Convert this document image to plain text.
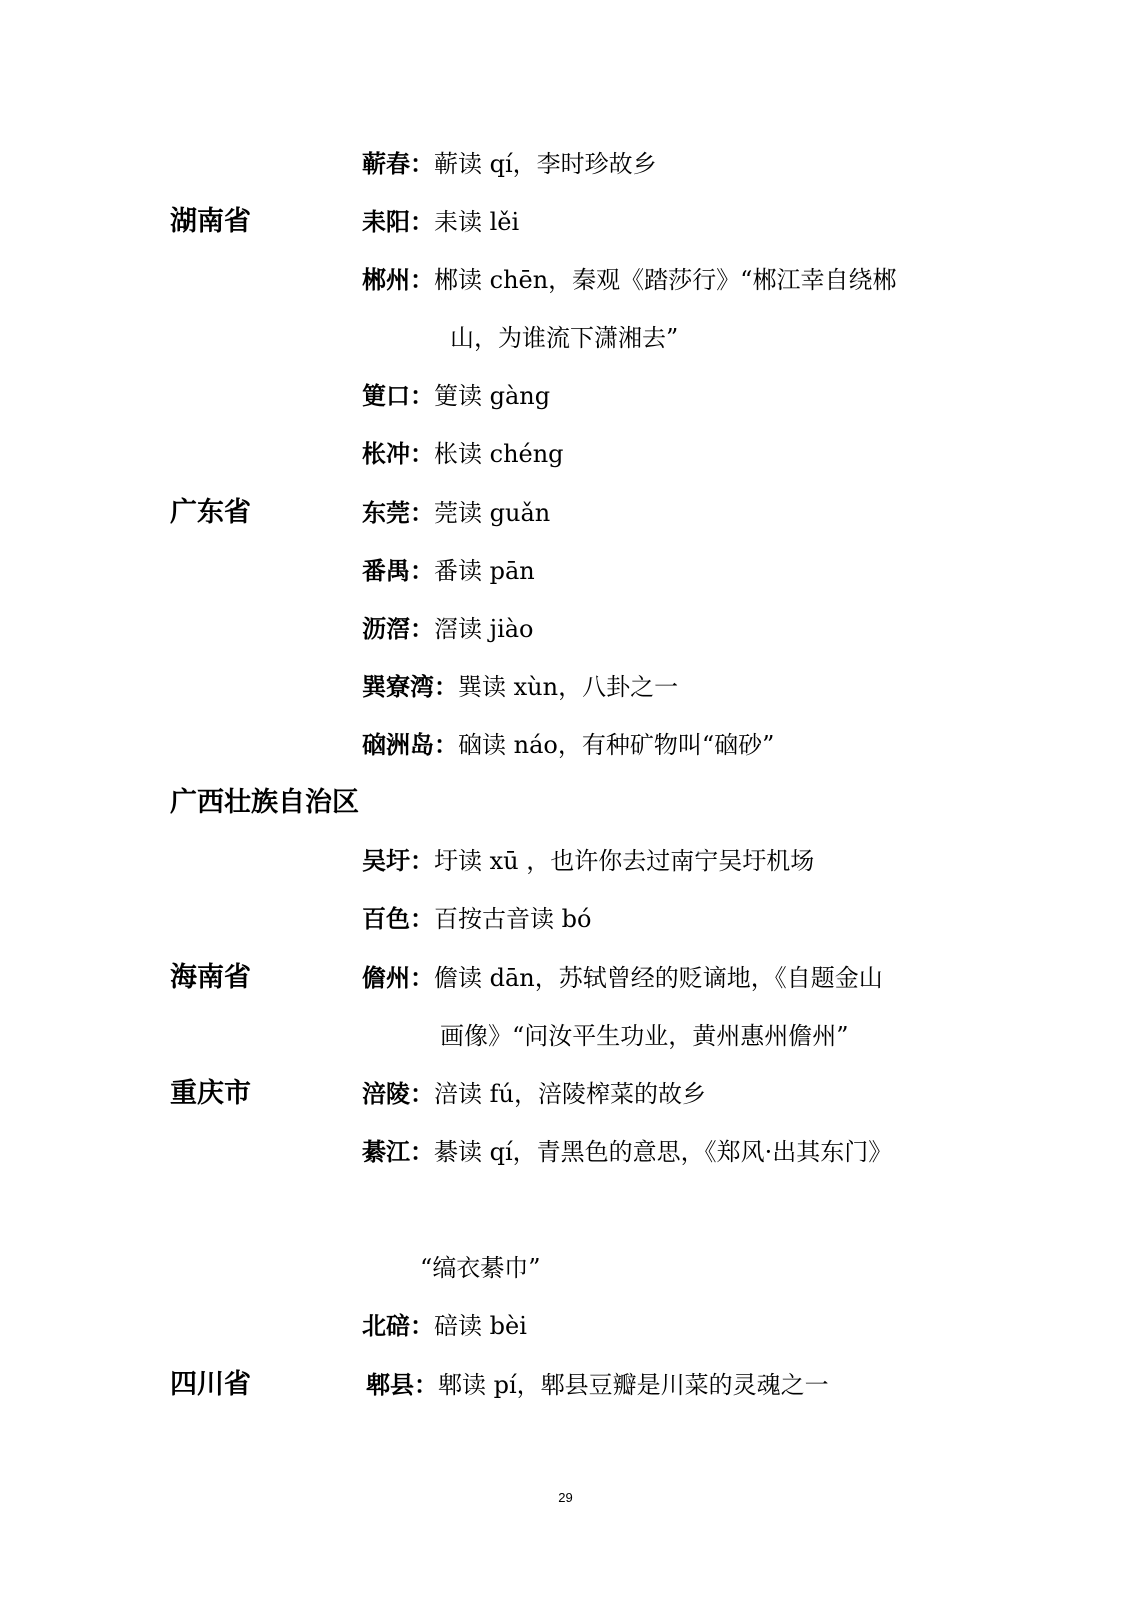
蕲春：蕲读 qí，李时珍故乡
湖南省	耒阳：耒读 lěi
郴州：郴读 chēn，秦观《踏莎行》“郴江幸自绕郴
山，为谁流下潇湘去”
筻口：筻读 gàng
枨冲：枨读 chéng
广东省	东莞：莞读 guǎn
番禺：番读 pān
沥滘：滘读 jiào
巽寮湾：巽读 xùn，八卦之一
硇洲岛：硇读 náo，有种矿物叫“硇砂”
广西壮族自治区
吴圩：圩读 xū ，也许你去过南宁吴圩机场
百色：百按古音读 bó
海南省	儋州：儋读 dān，苏轼曾经的贬谪地，《自题金山
画像》“问汝平生功业，黄州惠州儋州”
重庆市	涪陵：涪读 fú，涪陵榨菜的故乡
綦江：綦读 qí，青黑色的意思，《郑风·出其东门》
“缟衣綦巾”
北碚：碚读 bèi
四川省	郫县：郫读 pí，郫县豆瓣是川菜的灵魂之一
29
